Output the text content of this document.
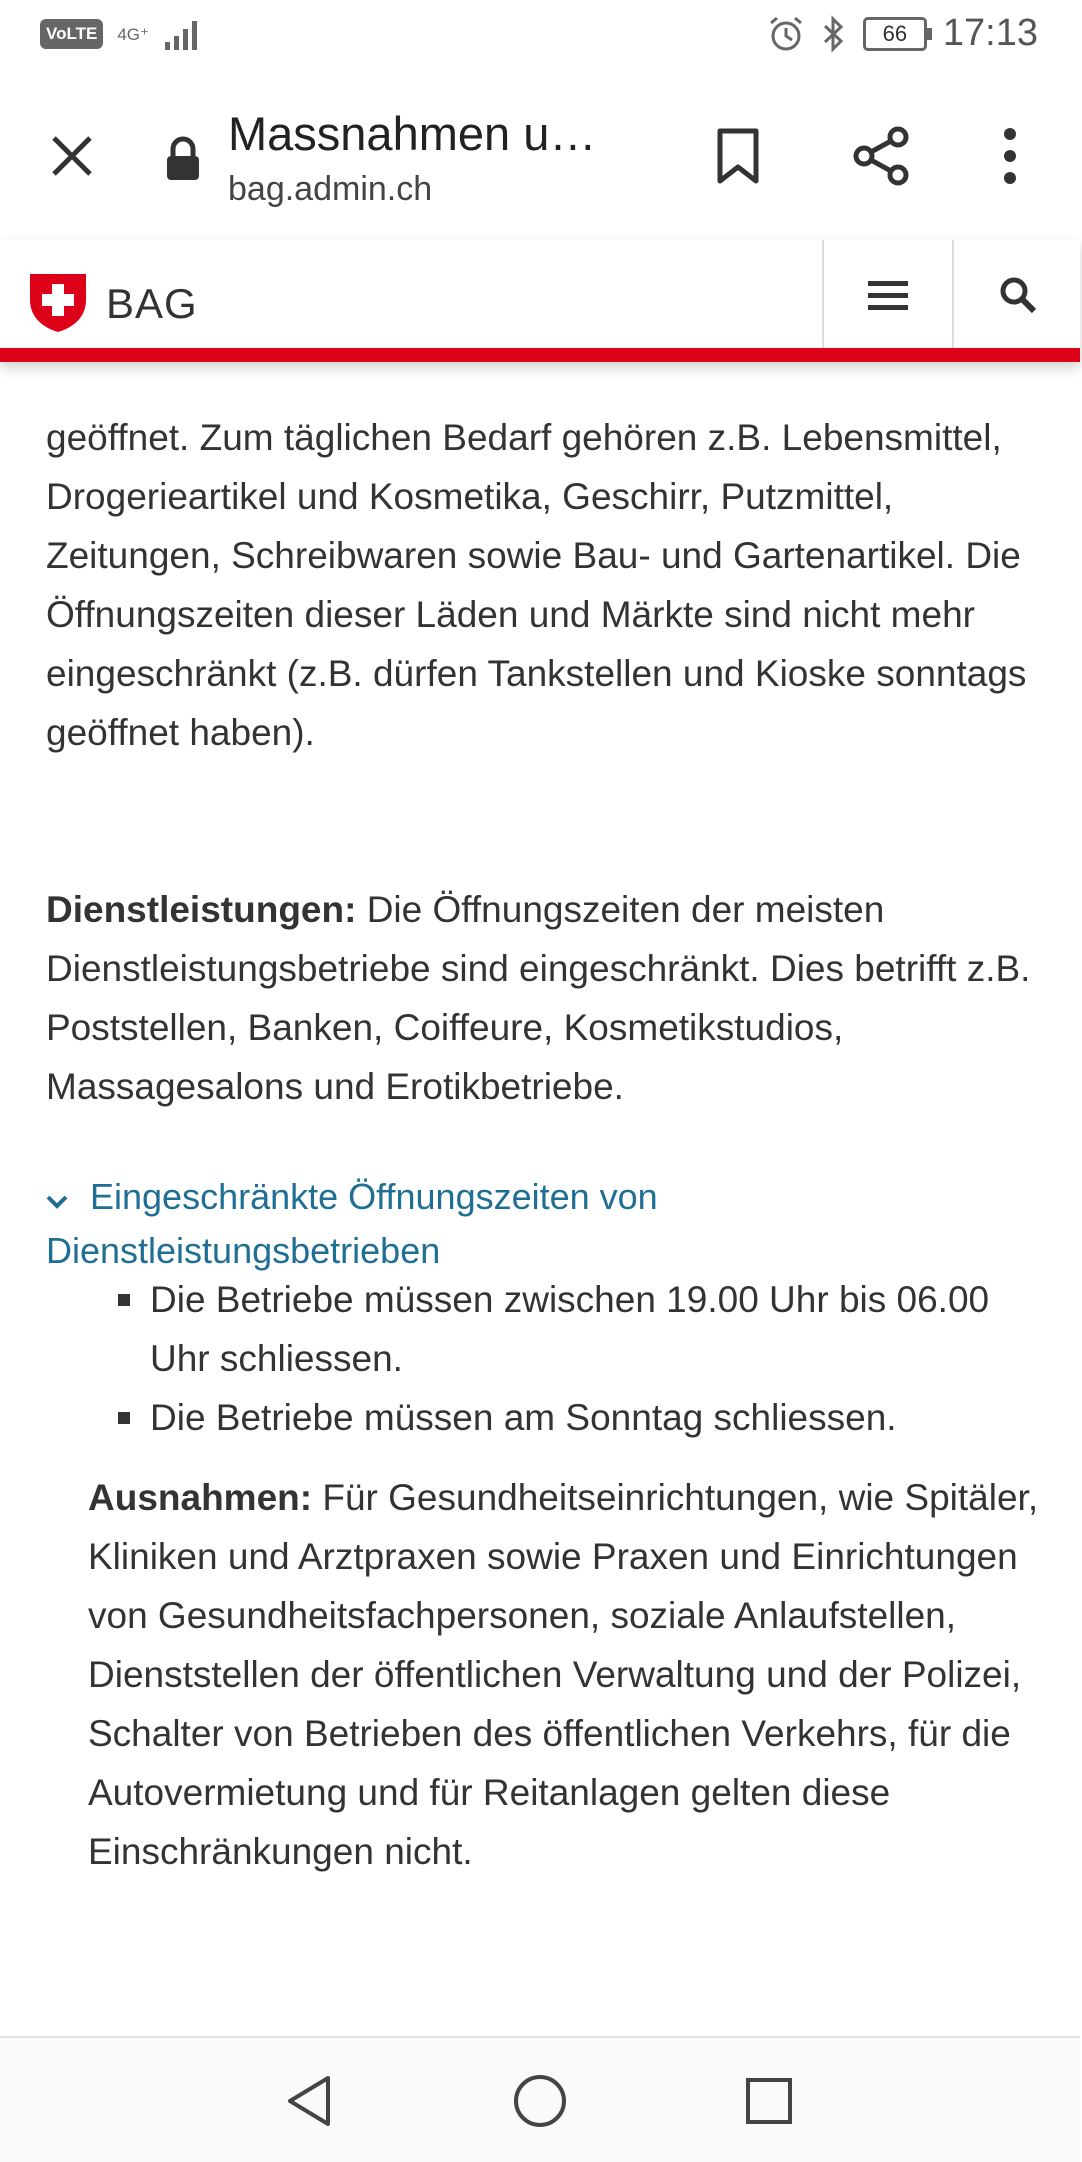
VoLTE	4G⁺	66 17:13
Massnahmen u…
bag.admin.ch
BAG
geöffnet. Zum täglichen Bedarf gehören z.B. Lebensmittel, Drogerieartikel und Kosmetika, Geschirr, Putzmittel, Zeitungen, Schreibwaren sowie Bau- und Gartenartikel. Die Öffnungszeiten dieser Läden und Märkte sind nicht mehr eingeschränkt (z.B. dürfen Tankstellen und Kioske sonntags geöffnet haben).
Dienstleistungen: Die Öffnungszeiten der meisten Dienstleistungsbetriebe sind eingeschränkt. Dies betrifft z.B. Poststellen, Banken, Coiffeure, Kosmetikstudios, Massagesalons und Erotikbetriebe.
Eingeschränkte Öffnungszeiten von Dienstleistungsbetrieben
Die Betriebe müssen zwischen 19.00 Uhr bis 06.00 Uhr schliessen.
Die Betriebe müssen am Sonntag schliessen.
Ausnahmen: Für Gesundheitseinrichtungen, wie Spitäler, Kliniken und Arztpraxen sowie Praxen und Einrichtungen von Gesundheitsfachpersonen, soziale Anlaufstellen, Dienststellen der öffentlichen Verwaltung und der Polizei, Schalter von Betrieben des öffentlichen Verkehrs, für die Autovermietung und für Reitanlagen gelten diese Einschränkungen nicht.
